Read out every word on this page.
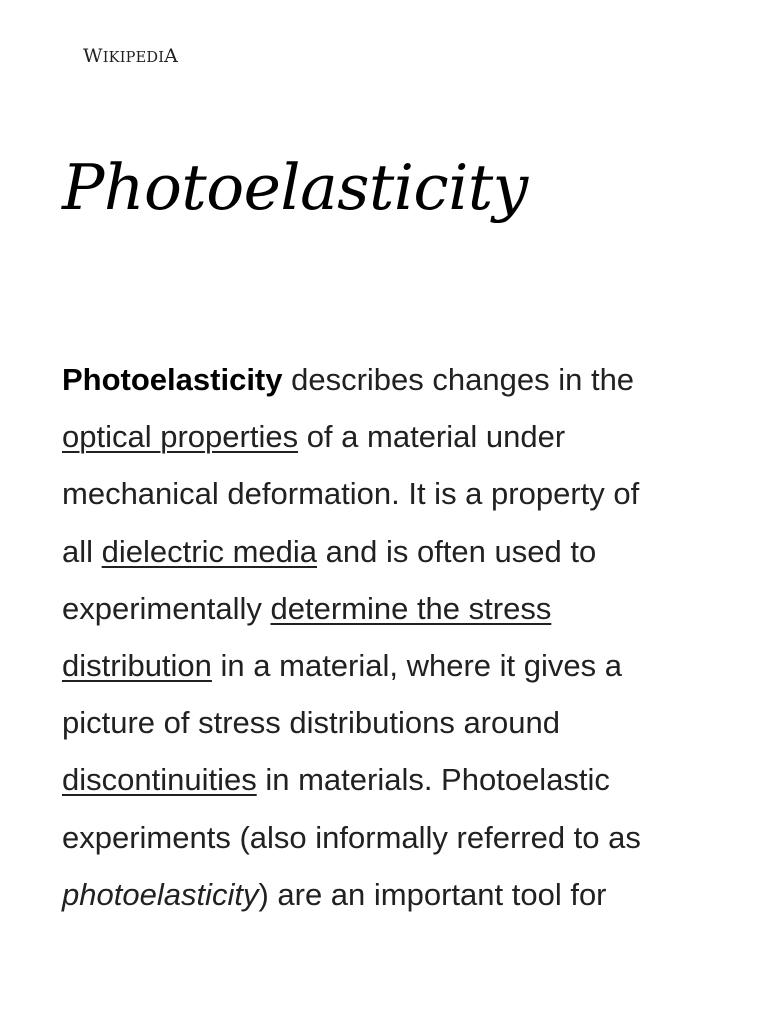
WIKIPEDIA
Photoelasticity

Photoelasticity describes changes in the
optical properties of a material under
mechanical deformation. It is a property of
all dielectric media and is often used to
experimentally determine the stress
distribution in a material, where it gives a
picture of stress distributions around
discontinuities in materials. Photoelastic
experiments (also informally referred to as
photoelasticity) are an important tool for
